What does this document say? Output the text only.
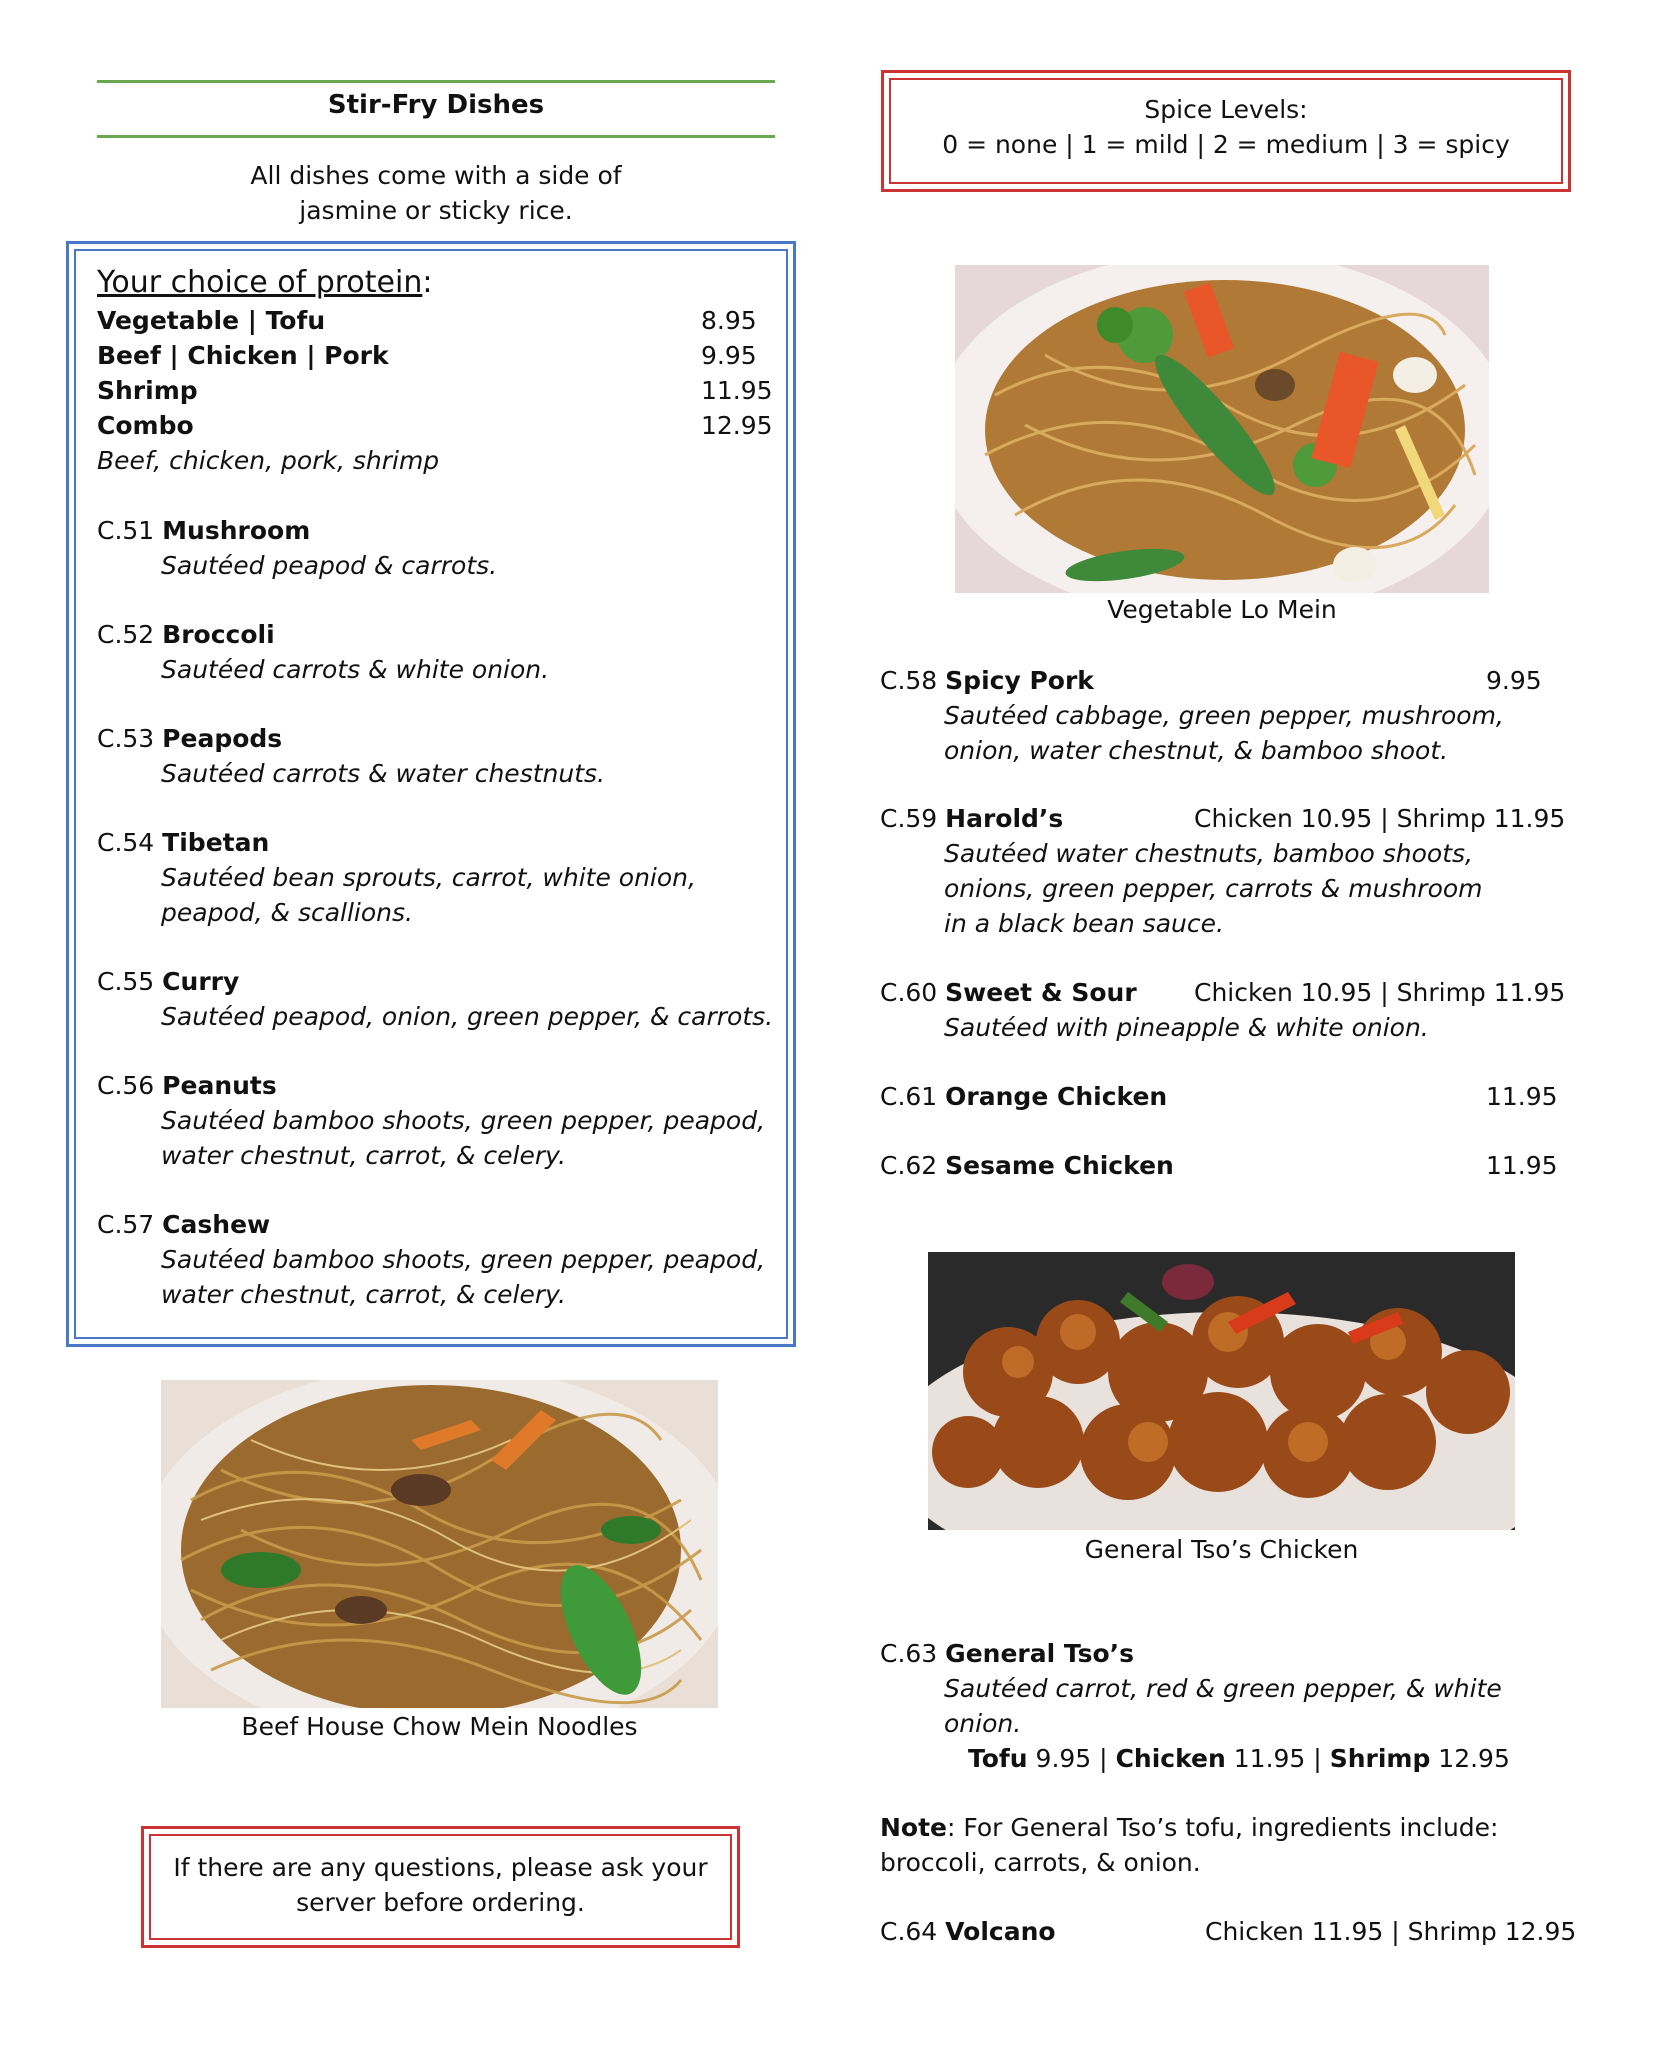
Stir-Fry Dishes
All dishes come with a side of
jasmine or sticky rice.
Your choice of protein:
Vegetable | Tofu	8.95
Beef | Chicken | Pork	9.95
Shrimp	11.95
Combo	12.95
Beef, chicken, pork, shrimp
C.51 Mushroom
Sautéed peapod & carrots.
C.52 Broccoli
Sautéed carrots & white onion.
C.53 Peapods
Sautéed carrots & water chestnuts.
C.54 Tibetan
Sautéed bean sprouts, carrot, white onion,
peapod, & scallions.
C.55 Curry
Sautéed peapod, onion, green pepper, & carrots.
C.56 Peanuts
Sautéed bamboo shoots, green pepper, peapod,
water chestnut, carrot, & celery.
C.57 Cashew
Sautéed bamboo shoots, green pepper, peapod,
water chestnut, carrot, & celery.
Beef House Chow Mein Noodles
If there are any questions, please ask your
server before ordering.
Spice Levels:
0 = none | 1 = mild | 2 = medium | 3 = spicy
Vegetable Lo Mein
C.58 Spicy Pork	9.95
Sautéed cabbage, green pepper, mushroom,
onion, water chestnut, & bamboo shoot.
C.59 Harold’s	Chicken 10.95 | Shrimp 11.95
Sautéed water chestnuts, bamboo shoots,
onions, green pepper, carrots & mushroom
in a black bean sauce.
C.60 Sweet & Sour Chicken 10.95 | Shrimp 11.95
Sautéed with pineapple & white onion.
C.61 Orange Chicken	11.95
C.62 Sesame Chicken	11.95
General Tso’s Chicken
C.63 General Tso’s
Sautéed carrot, red & green pepper, & white
onion.
Tofu 9.95 | Chicken 11.95 | Shrimp 12.95
Note: For General Tso’s tofu, ingredients include:
broccoli, carrots, & onion.
C.64 Volcano	Chicken 11.95 | Shrimp 12.95
